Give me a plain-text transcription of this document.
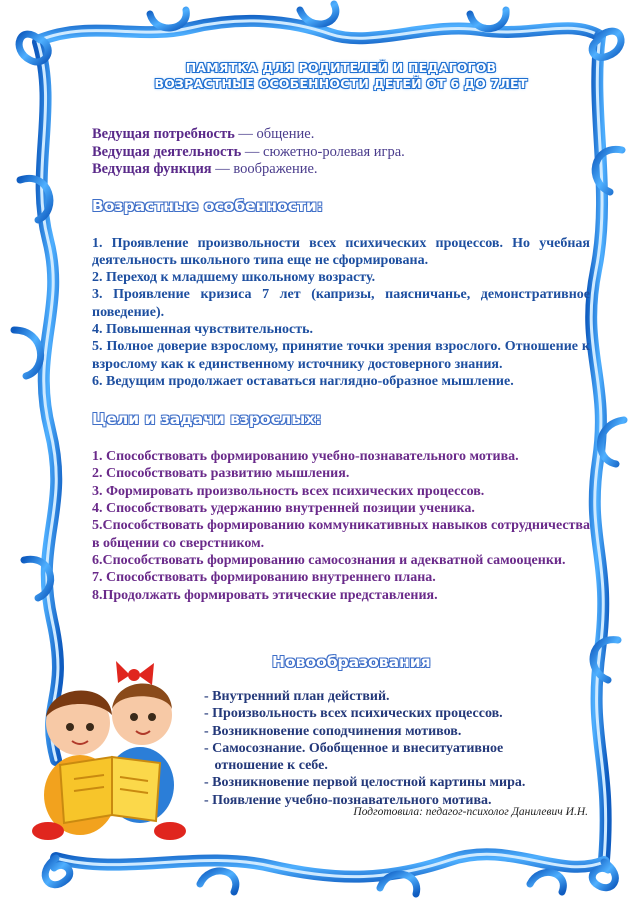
ПАМЯТКА ДЛЯ РОДИТЕЛЕЙ И ПЕДАГОГОВ
ВОЗРАСТНЫЕ ОСОБЕННОСТИ ДЕТЕЙ ОТ 6 ДО 7ЛЕТ
Ведущая потребность — общение.
Ведущая деятельность — сюжетно-ролевая игра.
Ведущая функция — воображение.
Возрастные особенности:
1. Проявление произвольности всех психических процессов. Но учебная деятельность школьного типа еще не сформирована.
2. Переход к младшему школьному возрасту.
3. Проявление кризиса 7 лет (капризы, паясничанье, демонстративное поведение).
4. Повышенная чувствительность.
5. Полное доверие взрослому, принятие точки зрения взрослого. Отношение к взрослому как к единственному источнику достоверного знания.
6. Ведущим продолжает оставаться наглядно-образное мышление.
Цели и задачи взрослых:
1. Способствовать формированию учебно-познавательного мотива.
2. Способствовать развитию мышления.
3. Формировать произвольность всех психических процессов.
4. Способствовать удержанию внутренней позиции ученика.
5.Способствовать формированию коммуникативных навыков сотрудничества в общении со сверстником.
6.Способствовать формированию самосознания и адекватной самооценки.
7. Способствовать формированию внутреннего плана.
8.Продолжать формировать этические представления.
Новообразования
- Внутренний план действий.
- Произвольность всех психических процессов.
- Возникновение соподчинения мотивов.
- Самосознание. Обобщенное и внеситуативное
отношение к себе.
- Возникновение первой целостной картины мира.
- Появление учебно-познавательного мотива.
Подготовила: педагог-психолог Данилевич И.Н.
